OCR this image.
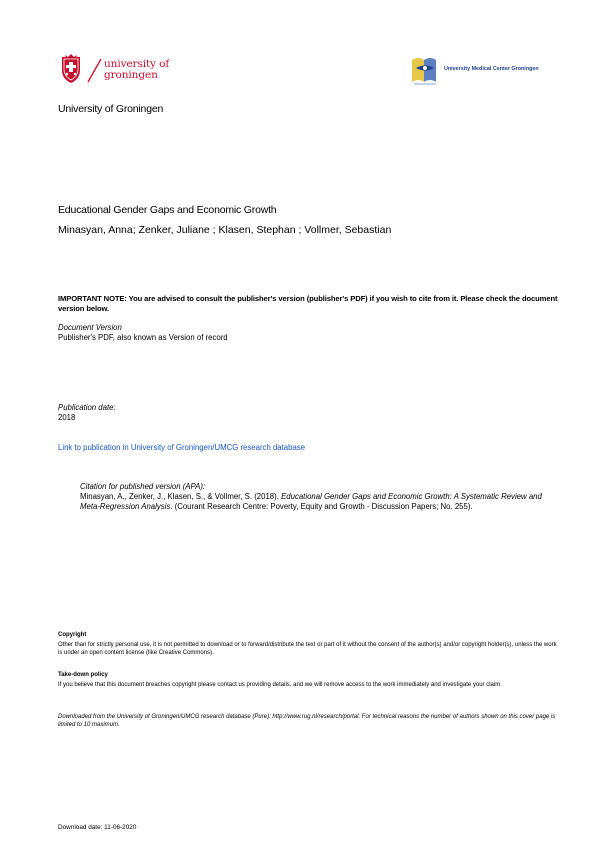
university of
groningen	University Medical Center Groningen
University of Groningen
Educational Gender Gaps and Economic Growth
Minasyan, Anna; Zenker, Juliane ; Klasen, Stephan ; Vollmer, Sebastian
IMPORTANT NOTE: You are advised to consult the publisher's version (publisher's PDF) if you wish to cite from it. Please check the document version below.
Document Version
Publisher's PDF, also known as Version of record
Publication date:
2018
Link to publication in University of Groningen/UMCG research database
Citation for published version (APA):
Minasyan, A., Zenker, J., Klasen, S., & Vollmer, S. (2018). Educational Gender Gaps and Economic Growth: A Systematic Review and Meta-Regression Analysis. (Courant Research Centre: Poverty, Equity and Growth - Discussion Papers; No. 255).
Copyright
Other than for strictly personal use, it is not permitted to download or to forward/distribute the text or part of it without the consent of the author(s) and/or copyright holder(s), unless the work is under an open content license (like Creative Commons).
Take-down policy
If you believe that this document breaches copyright please contact us providing details, and we will remove access to the work immediately and investigate your claim.
Downloaded from the University of Groningen/UMCG research database (Pure): http://www.rug.nl/research/portal. For technical reasons the number of authors shown on this cover page is limited to 10 maximum.
Download date: 11-06-2020
